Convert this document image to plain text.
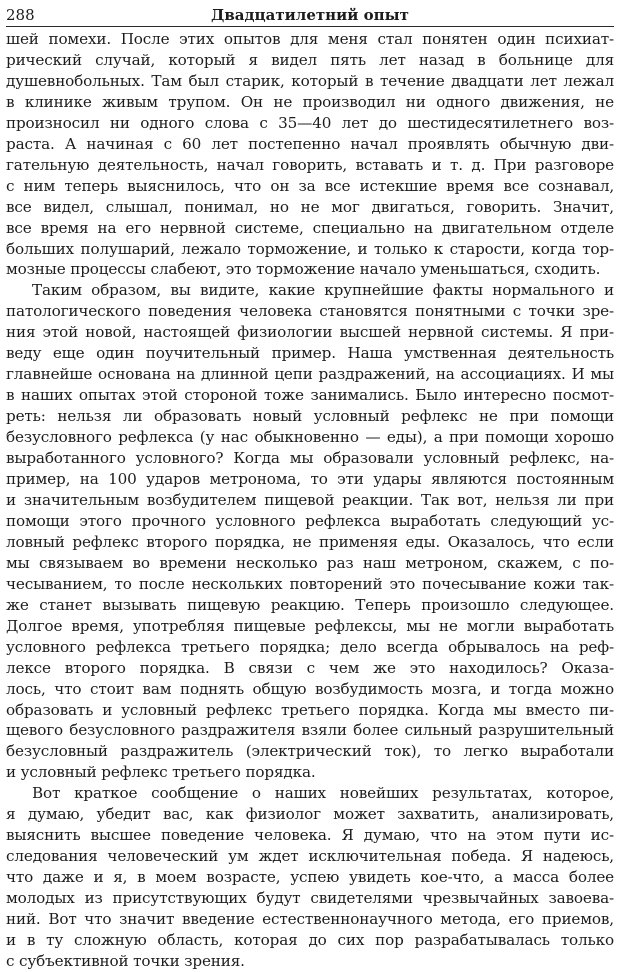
288	Двадцатилетний опыт
шей помехи. После этих опытов для меня стал понятен один психиат-
рический случай, который я видел пять лет назад в больнице для
душевнобольных. Там был старик, который в течение двадцати лет лежал
в клинике живым трупом. Он не производил ни одного движения, не
произносил ни одного слова с 35—40 лет до шестидесятилетнего воз-
раста. А начиная с 60 лет постепенно начал проявлять обычную дви-
гательную деятельность, начал говорить, вставать и т. д. При разговоре
с ним теперь выяснилось, что он за все истекшие время все сознавал,
все видел, слышал, понимал, но не мог двигаться, говорить. Значит,
все время на его нервной системе, специально на двигательном отделе
больших полушарий, лежало торможение, и только к старости, когда тор-
мозные процессы слабеют, это торможение начало уменьшаться, сходить.
Таким образом, вы видите, какие крупнейшие факты нормального и
патологического поведения человека становятся понятными с точки зре-
ния этой новой, настоящей физиологии высшей нервной системы. Я при-
веду еще один поучительный пример. Наша умственная деятельность
главнейше основана на длинной цепи раздражений, на ассоциациях. И мы
в наших опытах этой стороной тоже занимались. Было интересно посмот-
реть: нельзя ли образовать новый условный рефлекс не при помощи
безусловного рефлекса (у нас обыкновенно — еды), а при помощи хорошо
выработанного условного? Когда мы образовали условный рефлекс, на-
пример, на 100 ударов метронома, то эти удары являются постоянным
и значительным возбудителем пищевой реакции. Так вот, нельзя ли при
помощи этого прочного условного рефлекса выработать следующий ус-
ловный рефлекс второго порядка, не применяя еды. Оказалось, что если
мы связываем во времени несколько раз наш метроном, скажем, с по-
чесыванием, то после нескольких повторений это почесывание кожи так-
же станет вызывать пищевую реакцию. Теперь произошло следующее.
Долгое время, употребляя пищевые рефлексы, мы не могли выработать
условного рефлекса третьего порядка; дело всегда обрывалось на реф-
лексе второго порядка. В связи с чем же это находилось? Оказа-
лось, что стоит вам поднять общую возбудимость мозга, и тогда можно
образовать и условный рефлекс третьего порядка. Когда мы вместо пи-
щевого безусловного раздражителя взяли более сильный разрушительный
безусловный раздражитель (электрический ток), то легко выработали
и условный рефлекс третьего порядка.
Вот краткое сообщение о наших новейших результатах, которое,
я думаю, убедит вас, как физиолог может захватить, анализировать,
выяснить высшее поведение человека. Я думаю, что на этом пути ис-
следования человеческий ум ждет исключительная победа. Я надеюсь,
что даже и я, в моем возрасте, успею увидеть кое-что, а масса более
молодых из присутствующих будут свидетелями чрезвычайных завоева-
ний. Вот что значит введение естественнонаучного метода, его приемов,
и в ту сложную область, которая до сих пор разрабатывалась только
с субъективной точки зрения.
